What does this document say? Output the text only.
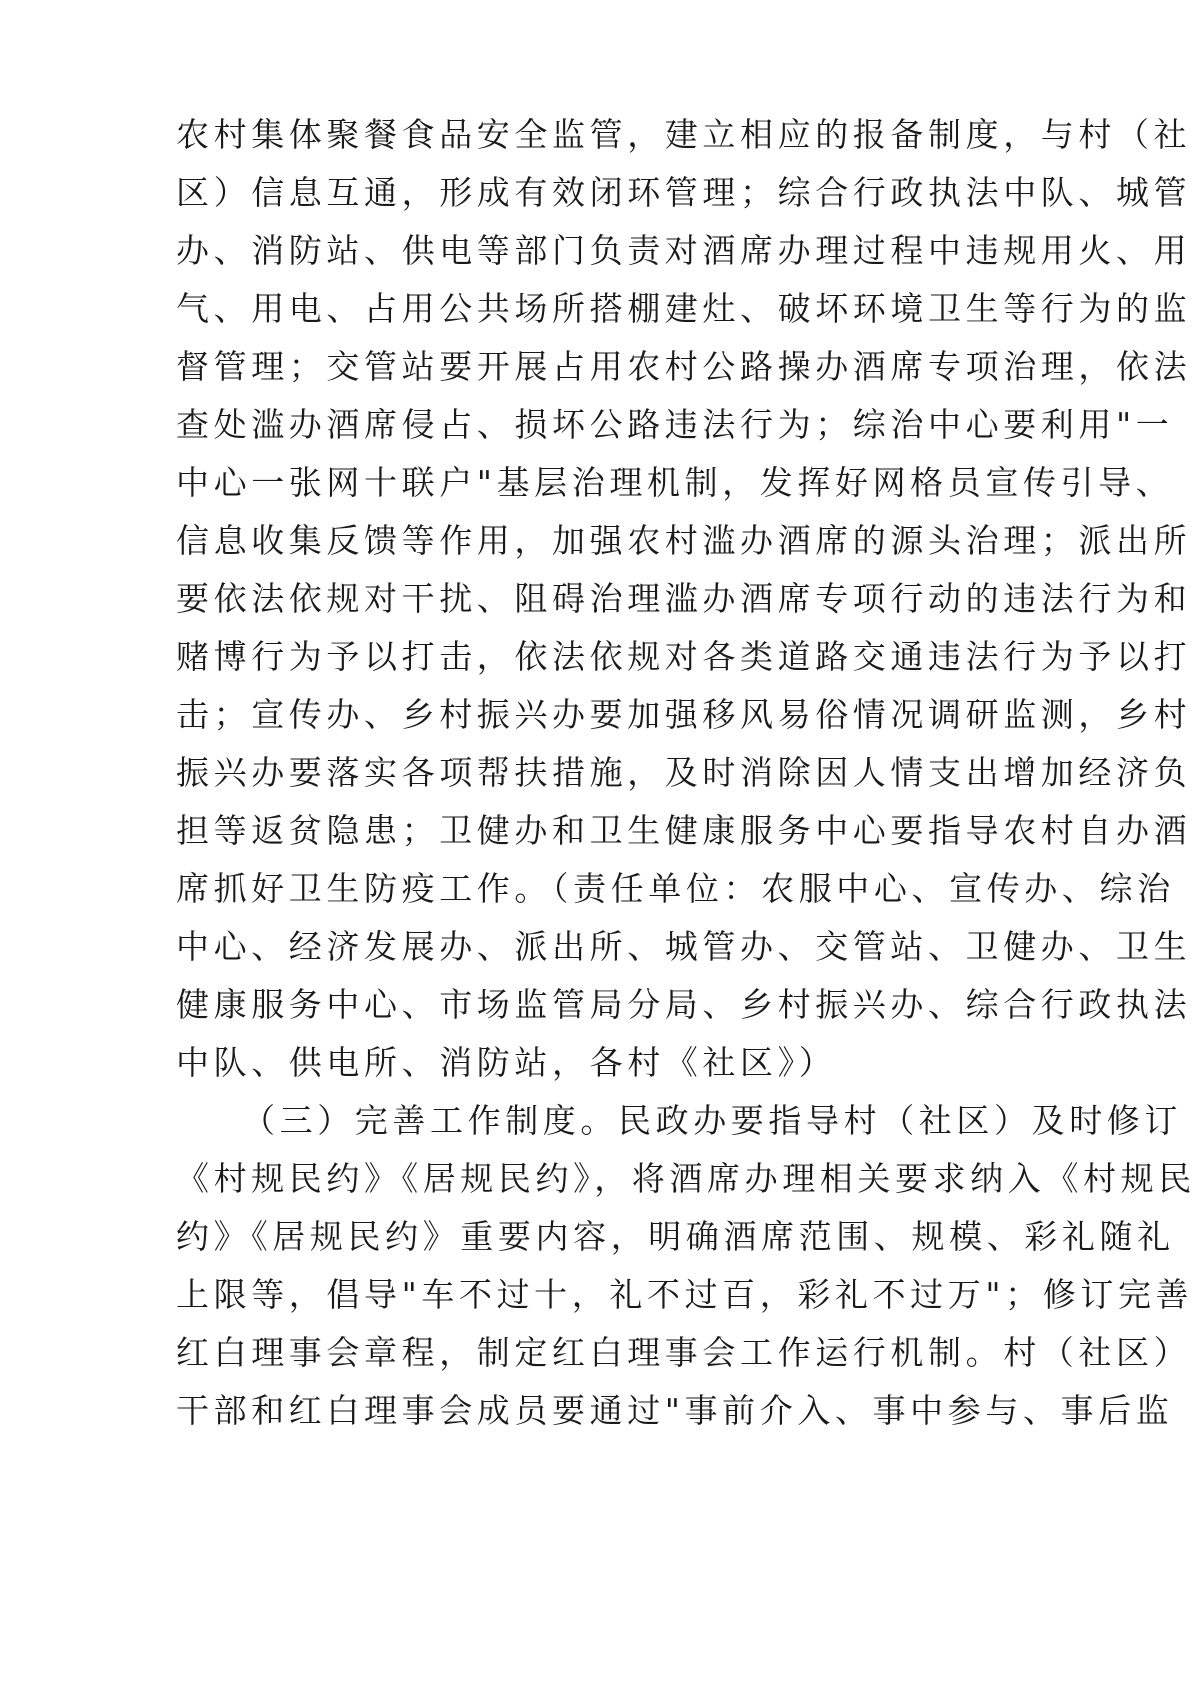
农村集体聚餐食品安全监管，建立相应的报备制度，与村（社
区）信息互通，形成有效闭环管理；综合行政执法中队、城管
办、消防站、供电等部门负责对酒席办理过程中违规用火、用
气、用电、占用公共场所搭棚建灶、破坏环境卫生等行为的监
督管理；交管站要开展占用农村公路操办酒席专项治理，依法
查处滥办酒席侵占、损坏公路违法行为；综治中心要利用"一
中心一张网十联户"基层治理机制，发挥好网格员宣传引导、
信息收集反馈等作用，加强农村滥办酒席的源头治理；派出所
要依法依规对干扰、阻碍治理滥办酒席专项行动的违法行为和
赌博行为予以打击，依法依规对各类道路交通违法行为予以打
击；宣传办、乡村振兴办要加强移风易俗情况调研监测，乡村
振兴办要落实各项帮扶措施，及时消除因人情支出增加经济负
担等返贫隐患；卫健办和卫生健康服务中心要指导农村自办酒
席抓好卫生防疫工作。（责任单位：农服中心、宣传办、综治
中心、经济发展办、派出所、城管办、交管站、卫健办、卫生
健康服务中心、市场监管局分局、乡村振兴办、综合行政执法
中队、供电所、消防站，各村《社区》）
（三）完善工作制度。民政办要指导村（社区）及时修订
《村规民约》《居规民约》，将酒席办理相关要求纳入《村规民
约》《居规民约》重要内容，明确酒席范围、规模、彩礼随礼
上限等，倡导"车不过十，礼不过百，彩礼不过万"；修订完善
红白理事会章程，制定红白理事会工作运行机制。村（社区）
干部和红白理事会成员要通过"事前介入、事中参与、事后监
